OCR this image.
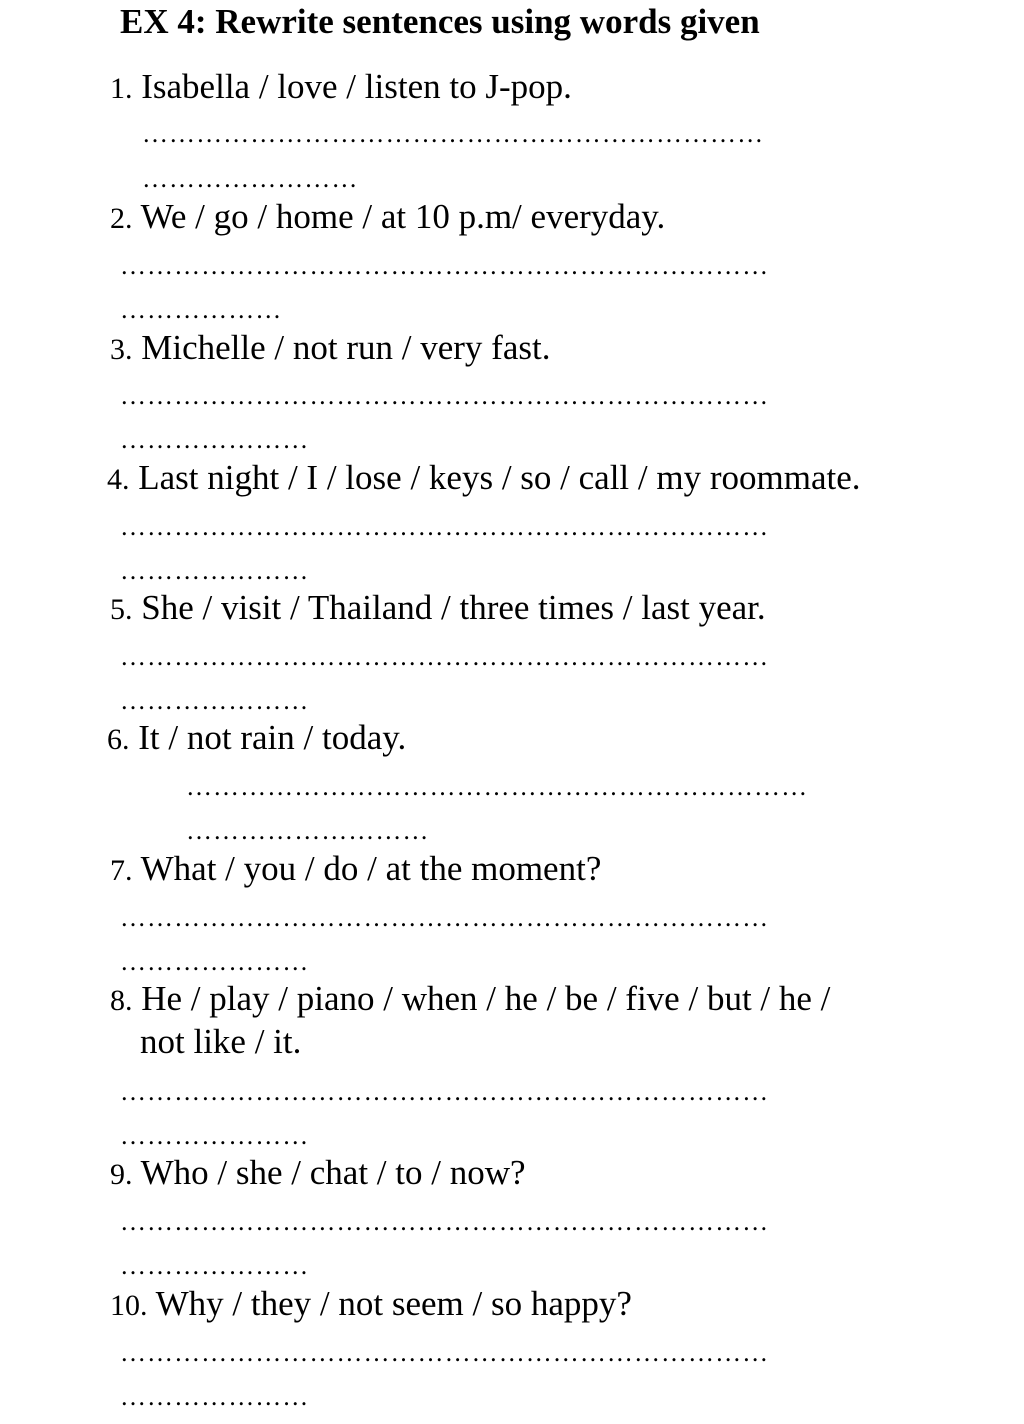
EX 4: Rewrite sentences using words given
1. Isabella / love / listen to J-pop.
……………………………………………………………
……………………
2. We / go / home / at 10 p.m/ everyday.
………………………………………………………………
………………
3. Michelle / not run / very fast.
………………………………………………………………
…………………
4. Last night / I / lose / keys / so / call / my roommate.
………………………………………………………………
…………………
5. She / visit / Thailand / three times / last year.
………………………………………………………………
…………………
6. It / not rain / today.
……………………………………………………………
………………………
7. What / you / do / at the moment?
………………………………………………………………
…………………
8. He / play / piano / when / he / be / five / but / he /
not like / it.
………………………………………………………………
…………………
9. Who / she / chat / to / now?
………………………………………………………………
…………………
10. Why / they / not seem / so happy?
………………………………………………………………
…………………
